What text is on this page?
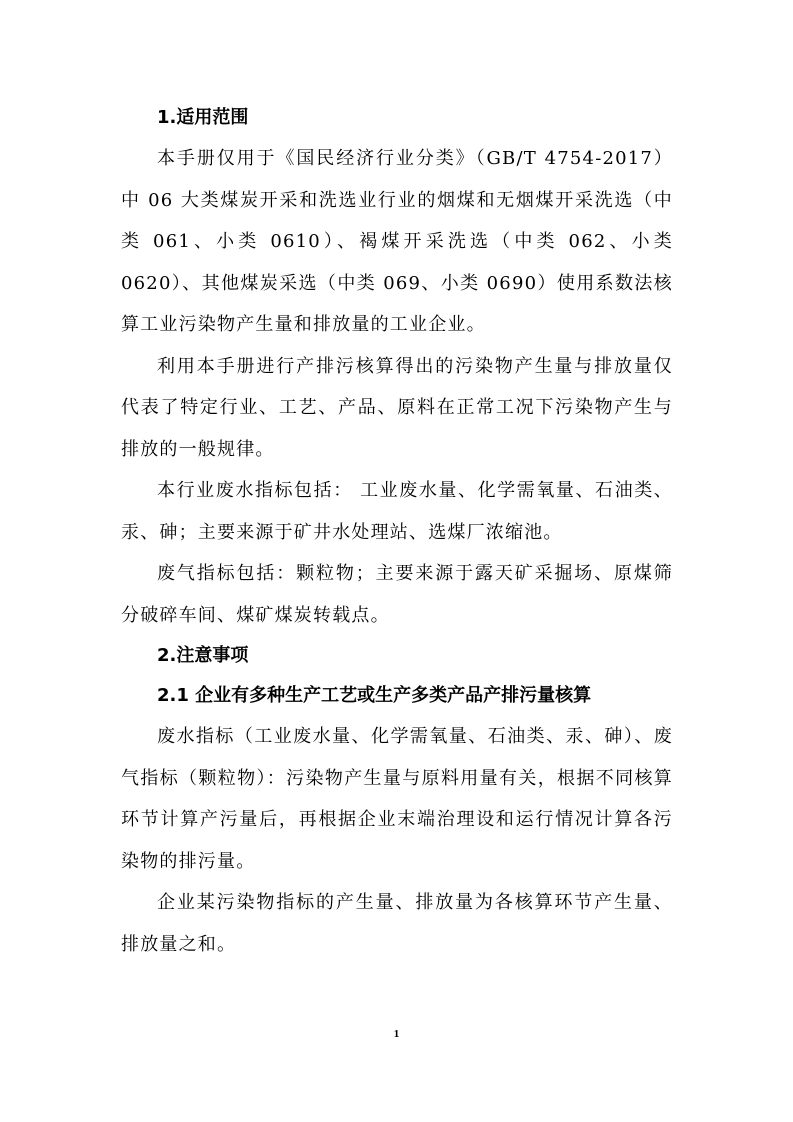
1.适用范围

本手册仅用于《国民经济行业分类》（GB/T 4754-2017）中 06 大类煤炭开采和洗选业行业的烟煤和无烟煤开采洗选（中类 061、小类 0610）、褐煤开采洗选（中类 062、小类 0620）、其他煤炭采选（中类 069、小类 0690）使用系数法核算工业污染物产生量和排放量的工业企业。

利用本手册进行产排污核算得出的污染物产生量与排放量仅代表了特定行业、工艺、产品、原料在正常工况下污染物产生与排放的一般规律。

本行业废水指标包括： 工业废水量、化学需氧量、石油类、汞、砷；主要来源于矿井水处理站、选煤厂浓缩池。

废气指标包括：颗粒物；主要来源于露天矿采掘场、原煤筛分破碎车间、煤矿煤炭转载点。

2.注意事项

2.1 企业有多种生产工艺或生产多类产品产排污量核算

废水指标（工业废水量、化学需氧量、石油类、汞、砷）、废气指标（颗粒物）：污染物产生量与原料用量有关，根据不同核算环节计算产污量后，再根据企业末端治理设和运行情况计算各污染物的排污量。

企业某污染物指标的产生量、排放量为各核算环节产生量、排放量之和。

1
